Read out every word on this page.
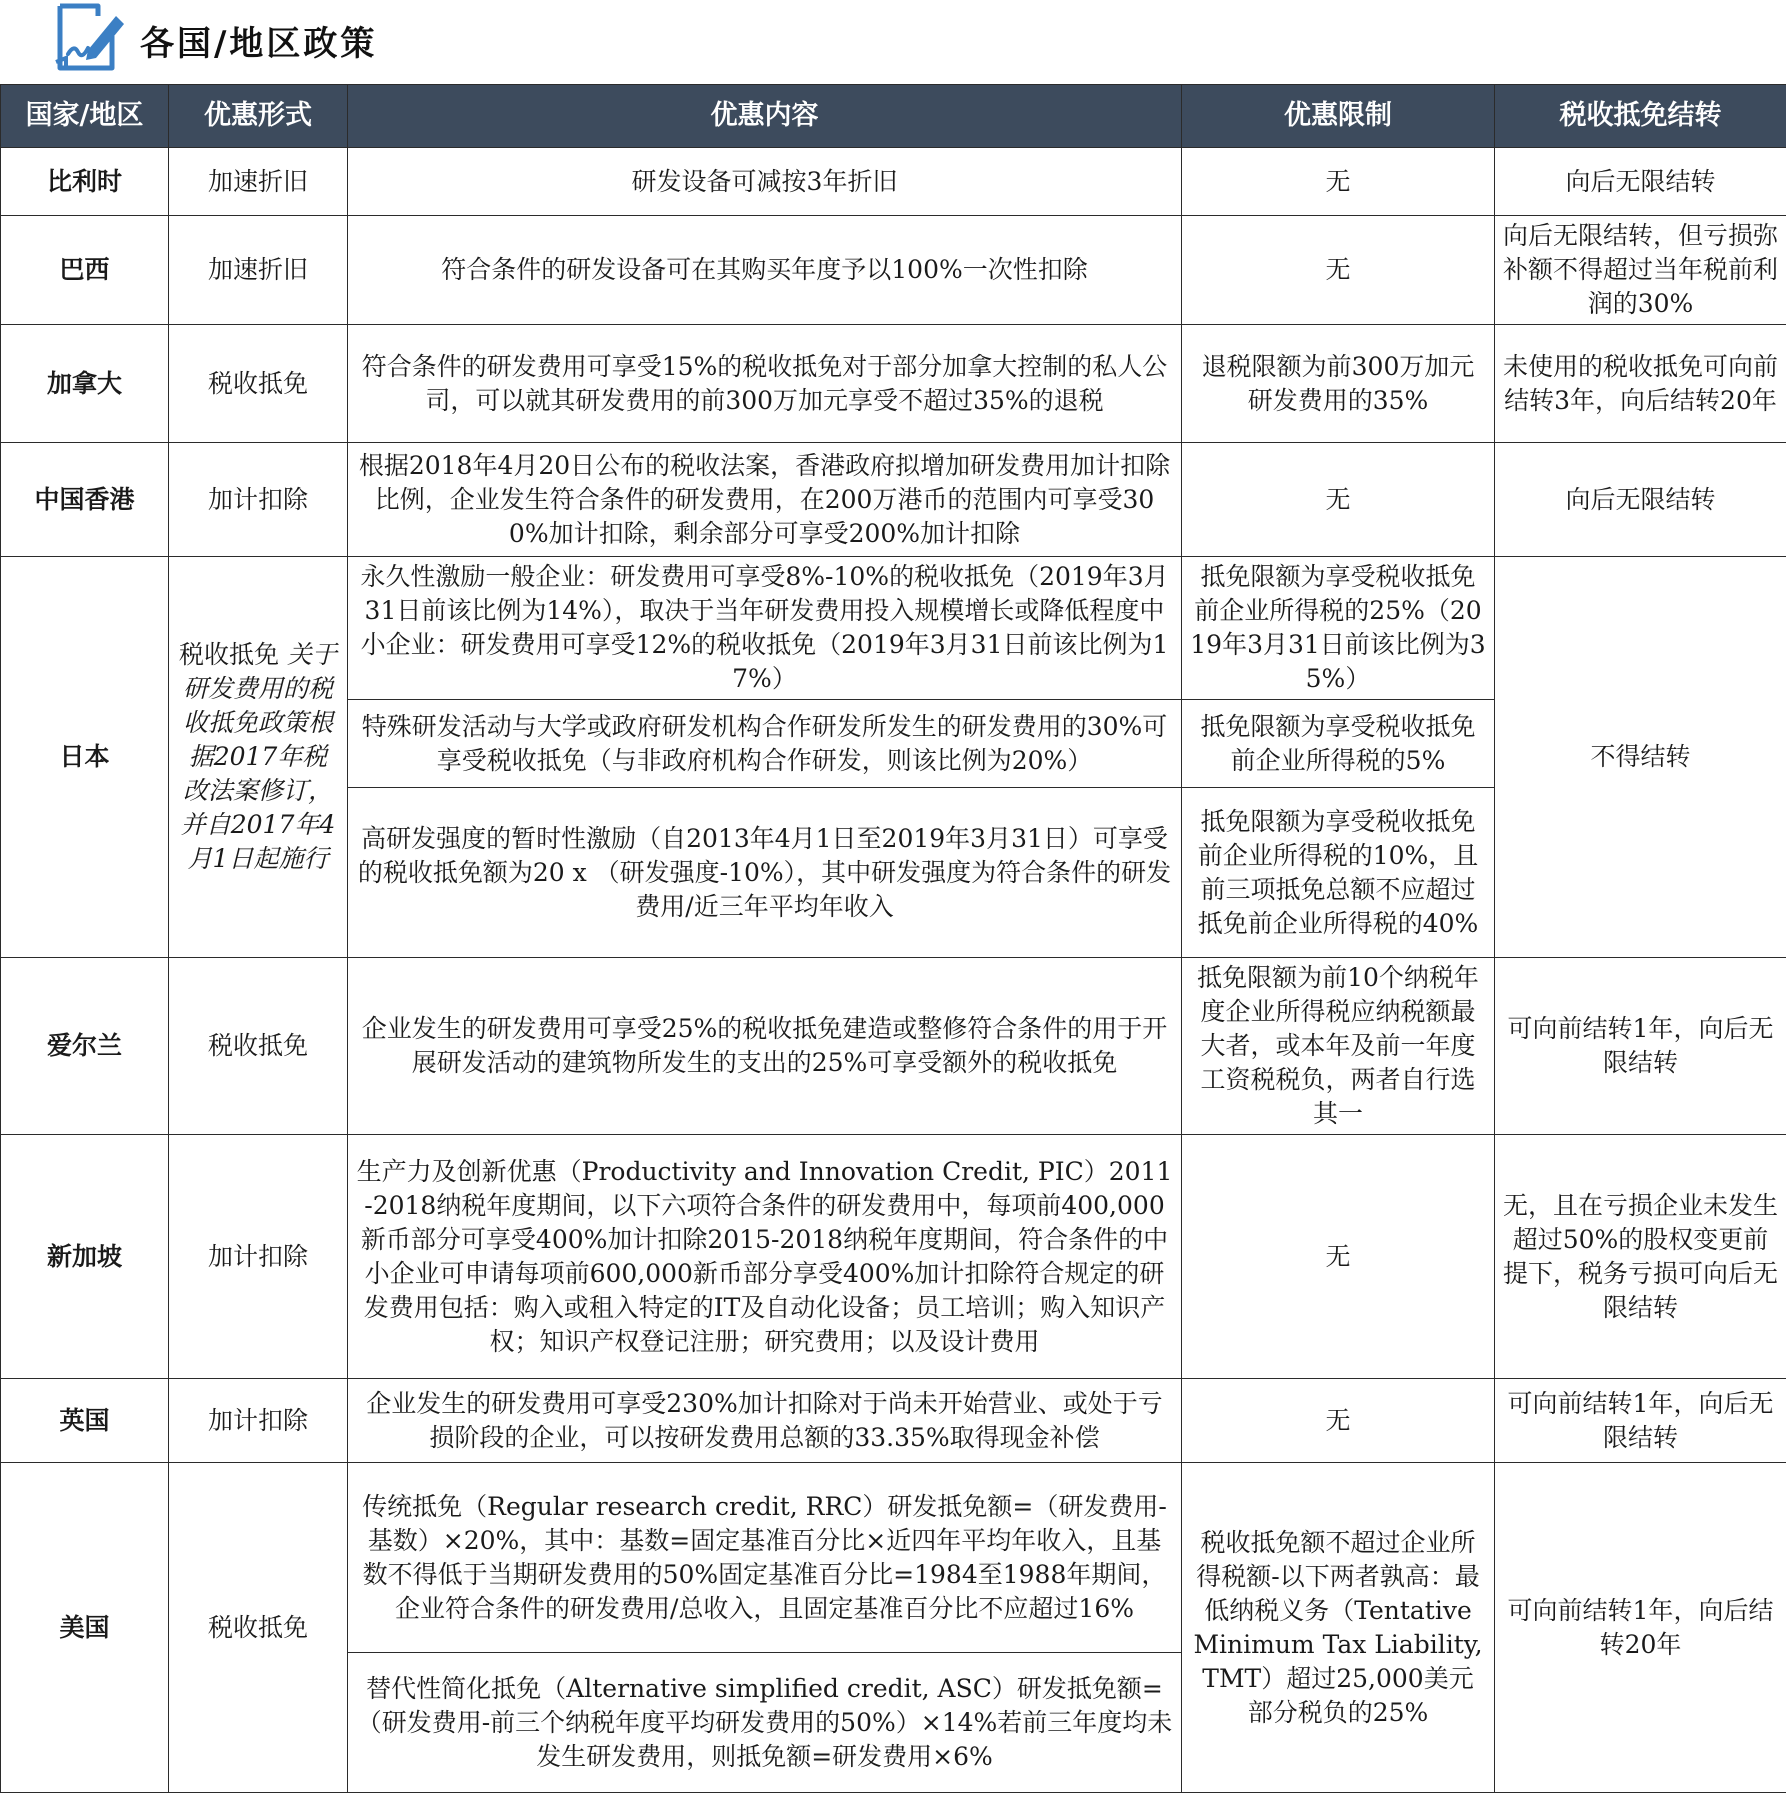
各国/地区政策
国家/地区	优惠形式	优惠内容	优惠限制	税收抵免结转
比利时	加速折旧	研发设备可减按3年折旧	无	向后无限结转
巴西	加速折旧	符合条件的研发设备可在其购买年度予以100%一次性扣除	无	向后无限结转，但亏损弥补额不得超过当年税前利润的30%
加拿大	税收抵免	符合条件的研发费用可享受15%的税收抵免对于部分加拿大控制的私人公司，可以就其研发费用的前300万加元享受不超过35%的退税	退税限额为前300万加元研发费用的35%	未使用的税收抵免可向前结转3年，向后结转20年
中国香港	加计扣除	根据2018年4月20日公布的税收法案，香港政府拟增加研发费用加计扣除比例，企业发生符合条件的研发费用，在200万港币的范围内可享受300%加计扣除，剩余部分可享受200%加计扣除	无	向后无限结转
日本	税收抵免 关于研发费用的税收抵免政策根据2017年税改法案修订，并自2017年4月1日起施行	永久性激励一般企业：研发费用可享受8%-10%的税收抵免（2019年3月31日前该比例为14%），取决于当年研发费用投入规模增长或降低程度中小企业：研发费用可享受12%的税收抵免（2019年3月31日前该比例为17%）	抵免限额为享受税收抵免前企业所得税的25%（2019年3月31日前该比例为35%）	不得结转
		特殊研发活动与大学或政府研发机构合作研发所发生的研发费用的30%可享受税收抵免（与非政府机构合作研发，则该比例为20%）	抵免限额为享受税收抵免前企业所得税的5%	
		高研发强度的暂时性激励（自2013年4月1日至2019年3月31日）可享受的税收抵免额为20 x （研发强度-10%），其中研发强度为符合条件的研发费用/近三年平均年收入	抵免限额为享受税收抵免前企业所得税的10%，且前三项抵免总额不应超过抵免前企业所得税的40%	
爱尔兰	税收抵免	企业发生的研发费用可享受25%的税收抵免建造或整修符合条件的用于开展研发活动的建筑物所发生的支出的25%可享受额外的税收抵免	抵免限额为前10个纳税年度企业所得税应纳税额最大者，或本年及前一年度工资税税负，两者自行选其一	可向前结转1年，向后无限结转
新加坡	加计扣除	生产力及创新优惠（Productivity and Innovation Credit, PIC）2011-2018纳税年度期间，以下六项符合条件的研发费用中，每项前400,000新币部分可享受400%加计扣除2015-2018纳税年度期间，符合条件的中小企业可申请每项前600,000新币部分享受400%加计扣除符合规定的研发费用包括：购入或租入特定的IT及自动化设备；员工培训；购入知识产权；知识产权登记注册；研究费用；以及设计费用	无	无，且在亏损企业未发生超过50%的股权变更前提下，税务亏损可向后无限结转
英国	加计扣除	企业发生的研发费用可享受230%加计扣除对于尚未开始营业、或处于亏损阶段的企业，可以按研发费用总额的33.35%取得现金补偿	无	可向前结转1年，向后无限结转
美国	税收抵免	传统抵免（Regular research credit, RRC）研发抵免额=（研发费用-基数）×20%，其中：基数=固定基准百分比×近四年平均年收入，且基数不得低于当期研发费用的50%固定基准百分比=1984至1988年期间，企业符合条件的研发费用/总收入，且固定基准百分比不应超过16%	税收抵免额不超过企业所得税额-以下两者孰高：最低纳税义务（Tentative Minimum Tax Liability, TMT）超过25,000美元部分税负的25%	可向前结转1年，向后结转20年
		替代性简化抵免（Alternative simplified credit, ASC）研发抵免额=（研发费用-前三个纳税年度平均研发费用的50%）×14%若前三年度均未发生研发费用，则抵免额=研发费用×6%		
